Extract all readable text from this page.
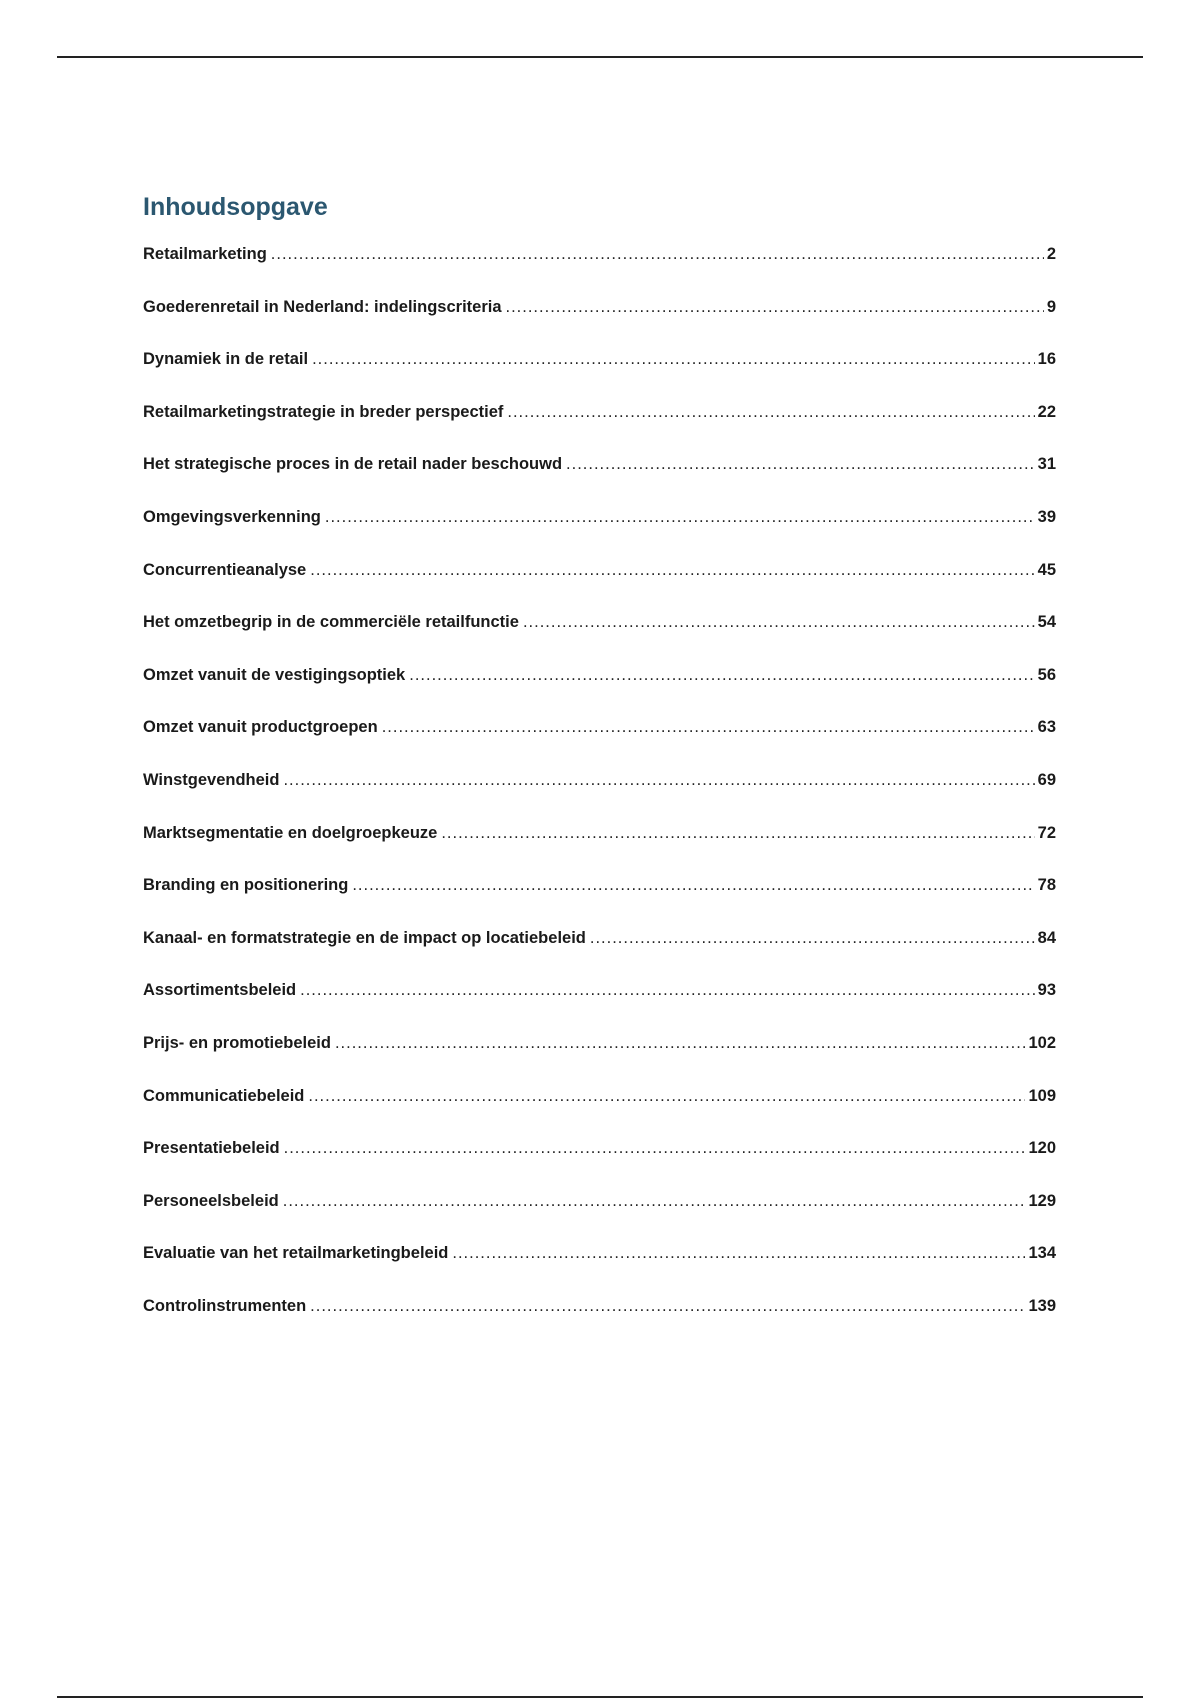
Inhoudsopgave
Retailmarketing .....	2
Goederenretail in Nederland: indelingscriteria .....	9
Dynamiek in de retail .....	16
Retailmarketingstrategie in breder perspectief .....	22
Het strategische proces in de retail nader beschouwd .....	31
Omgevingsverkenning .....	39
Concurrentieanalyse .....	45
Het omzetbegrip in de commerciële retailfunctie .....	54
Omzet vanuit de vestigingsoptiek .....	56
Omzet vanuit productgroepen .....	63
Winstgevendheid .....	69
Marktsegmentatie en doelgroepkeuze .....	72
Branding en positionering .....	78
Kanaal- en formatstrategie en de impact op locatiebeleid .....	84
Assortimentsbeleid .....	93
Prijs- en promotiebeleid .....	102
Communicatiebeleid .....	109
Presentatiebeleid .....	120
Personeelsbeleid .....	129
Evaluatie van het retailmarketingbeleid .....	134
Controlinstrumenten .....	139
